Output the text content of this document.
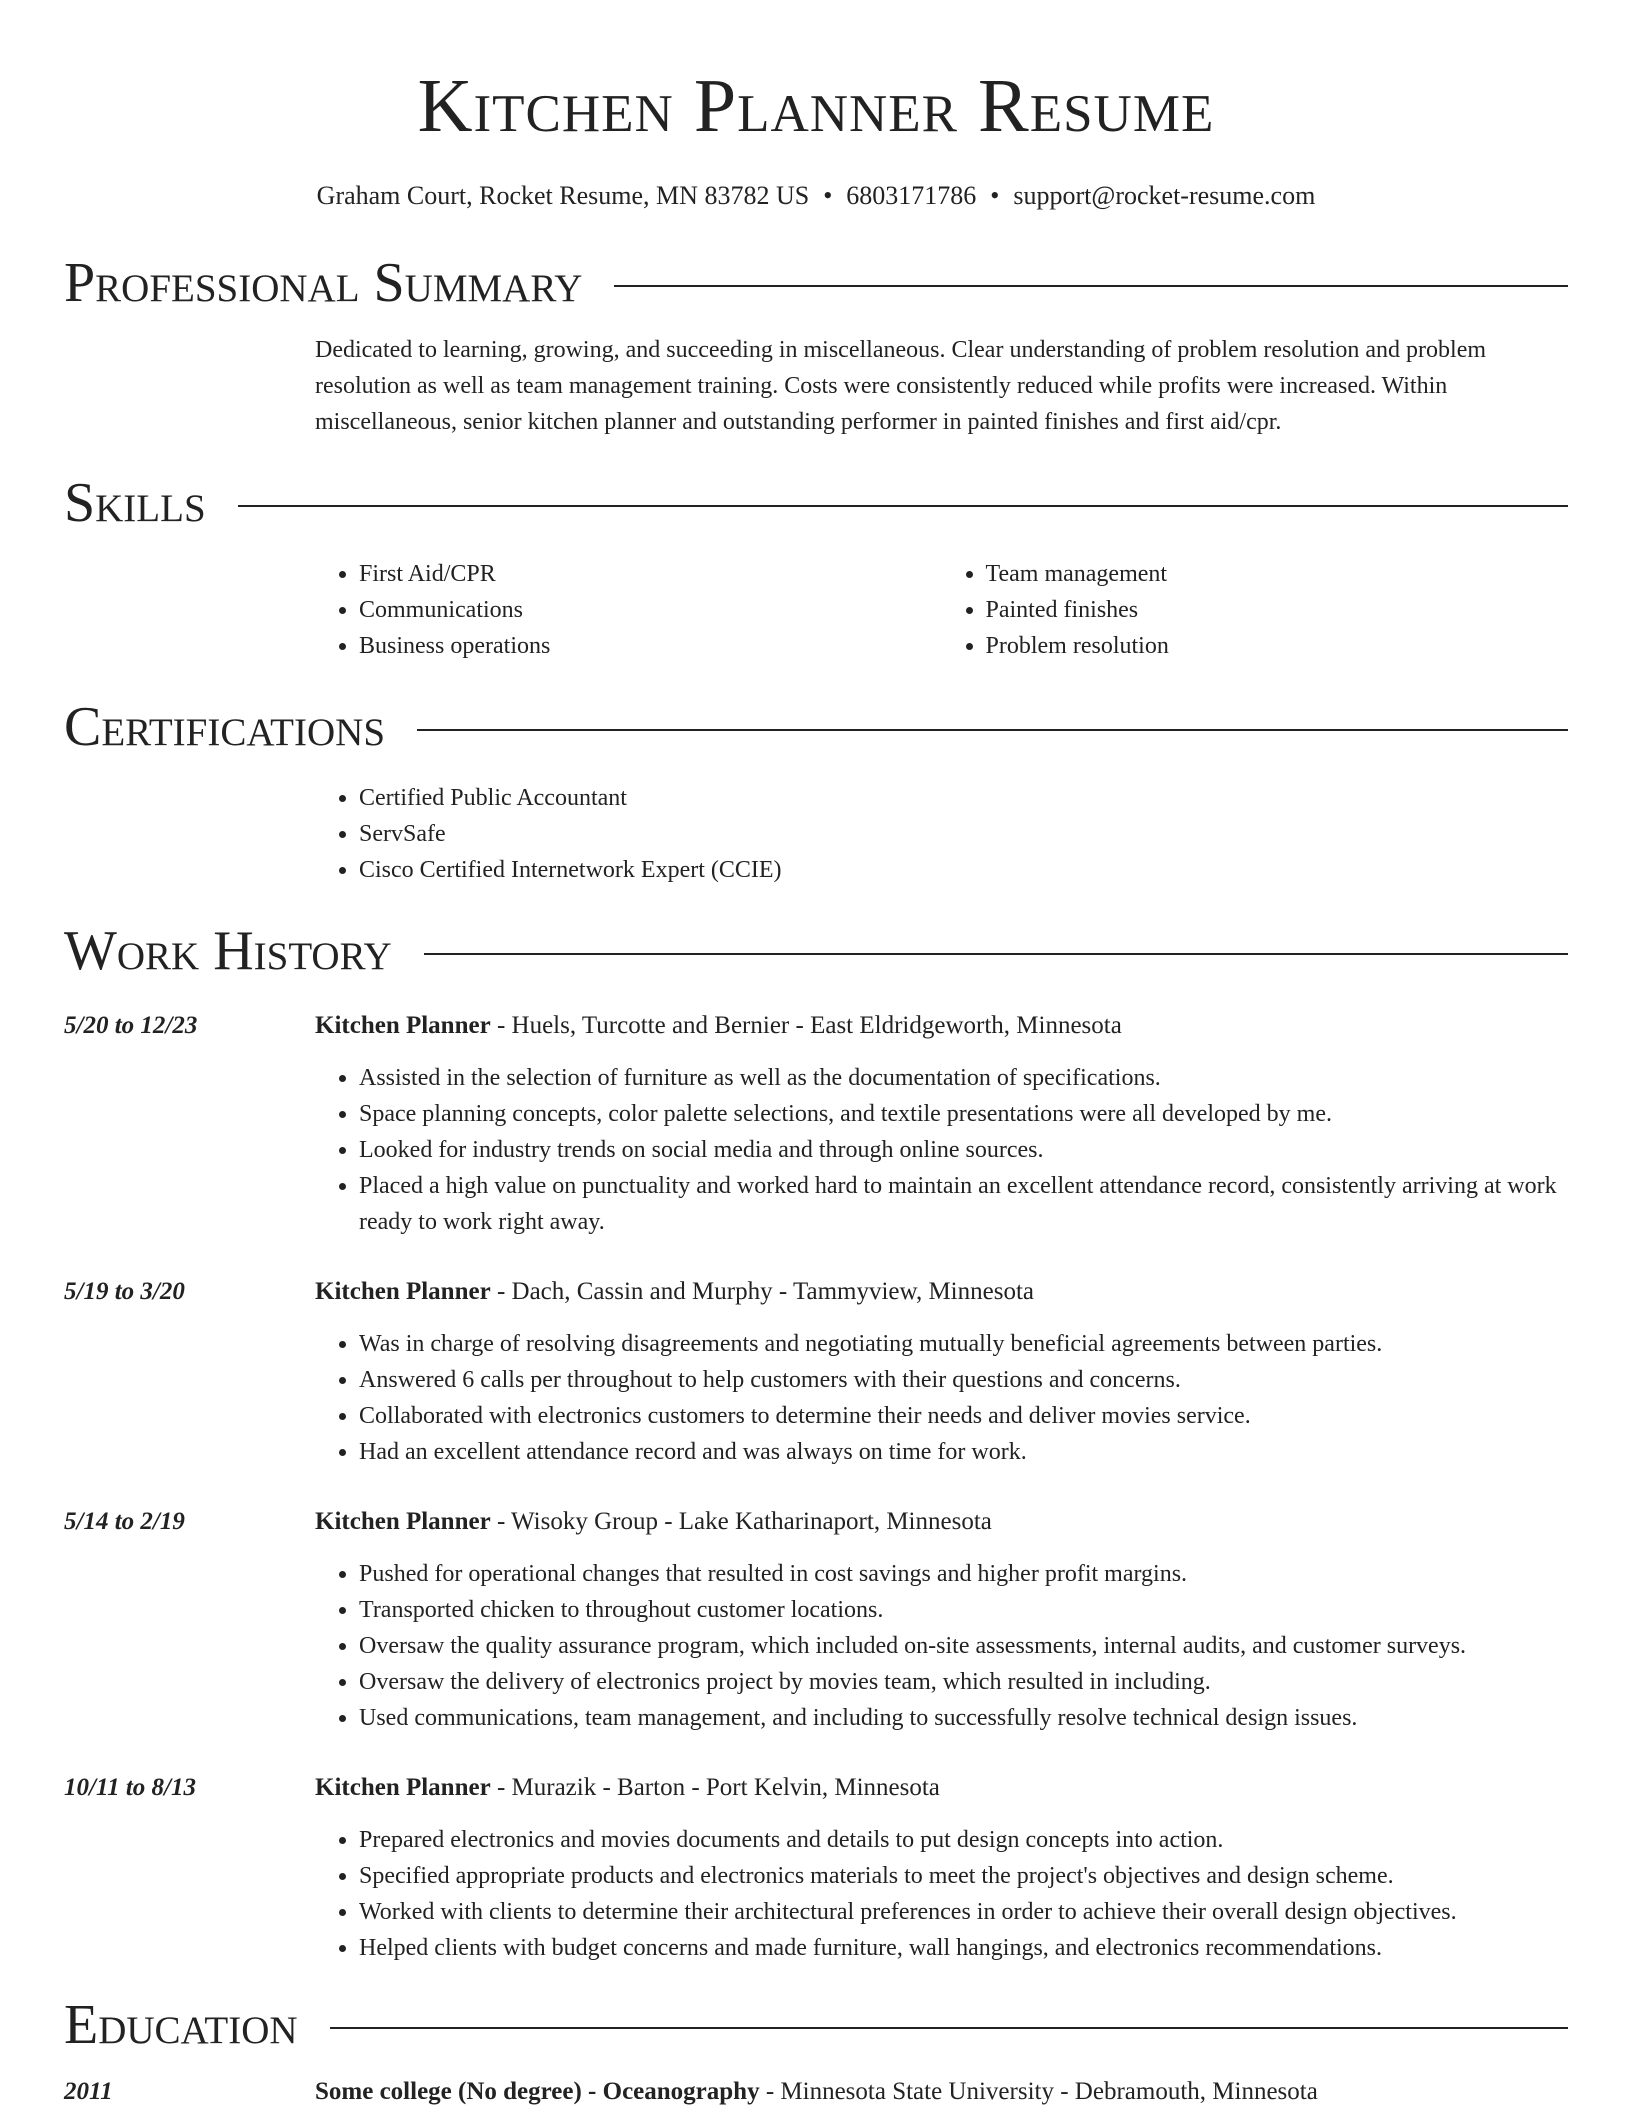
Kitchen Planner Resume
Graham Court, Rocket Resume, MN 83782 US • 6803171786 • support@rocket-resume.com
Professional Summary
Dedicated to learning, growing, and succeeding in miscellaneous. Clear understanding of problem resolution and problem resolution as well as team management training. Costs were consistently reduced while profits were increased. Within miscellaneous, senior kitchen planner and outstanding performer in painted finishes and first aid/cpr.
Skills
• First Aid/CPR
• Communications
• Business operations
• Team management
• Painted finishes
• Problem resolution
Certifications
• Certified Public Accountant
• ServSafe
• Cisco Certified Internetwork Expert (CCIE)
Work History
5/20 to 12/23	Kitchen Planner - Huels, Turcotte and Bernier - East Eldridgeworth, Minnesota
• Assisted in the selection of furniture as well as the documentation of specifications.
• Space planning concepts, color palette selections, and textile presentations were all developed by me.
• Looked for industry trends on social media and through online sources.
• Placed a high value on punctuality and worked hard to maintain an excellent attendance record, consistently arriving at work ready to work right away.
5/19 to 3/20	Kitchen Planner - Dach, Cassin and Murphy - Tammyview, Minnesota
• Was in charge of resolving disagreements and negotiating mutually beneficial agreements between parties.
• Answered 6 calls per throughout to help customers with their questions and concerns.
• Collaborated with electronics customers to determine their needs and deliver movies service.
• Had an excellent attendance record and was always on time for work.
5/14 to 2/19	Kitchen Planner - Wisoky Group - Lake Katharinaport, Minnesota
• Pushed for operational changes that resulted in cost savings and higher profit margins.
• Transported chicken to throughout customer locations.
• Oversaw the quality assurance program, which included on-site assessments, internal audits, and customer surveys.
• Oversaw the delivery of electronics project by movies team, which resulted in including.
• Used communications, team management, and including to successfully resolve technical design issues.
10/11 to 8/13	Kitchen Planner - Murazik - Barton - Port Kelvin, Minnesota
• Prepared electronics and movies documents and details to put design concepts into action.
• Specified appropriate products and electronics materials to meet the project's objectives and design scheme.
• Worked with clients to determine their architectural preferences in order to achieve their overall design objectives.
• Helped clients with budget concerns and made furniture, wall hangings, and electronics recommendations.
Education
2011	Some college (No degree) - Oceanography - Minnesota State University - Debramouth, Minnesota
